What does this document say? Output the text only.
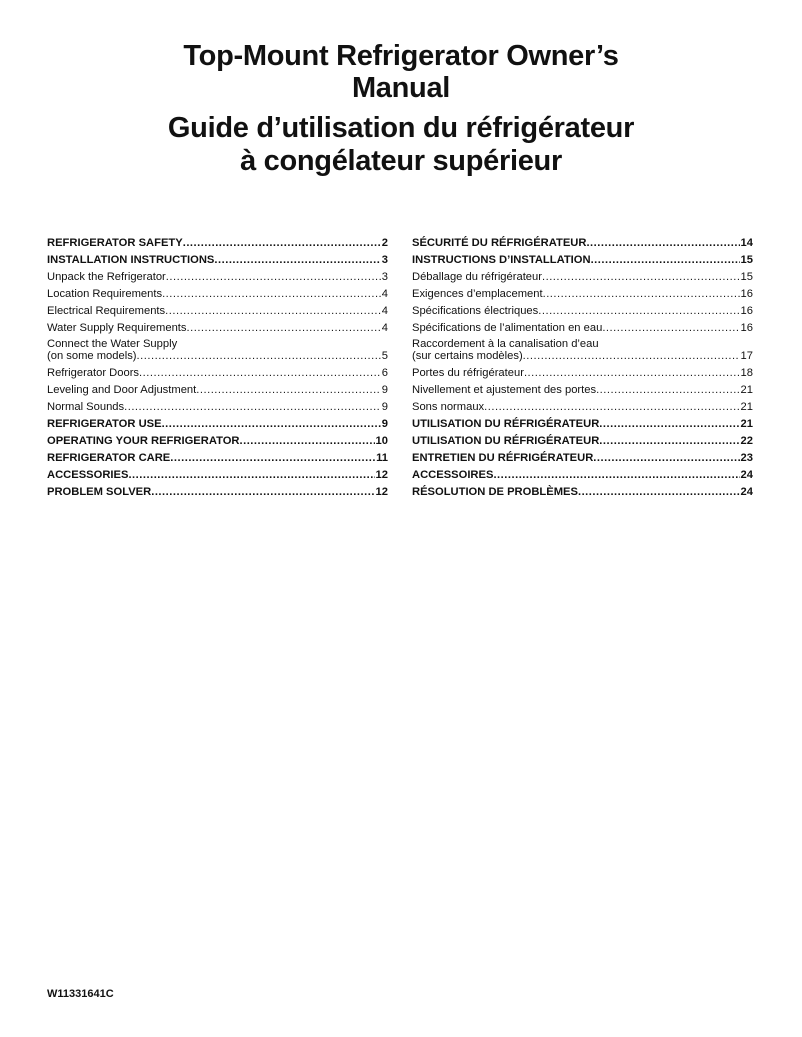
Top-Mount Refrigerator Owner’s
Manual
Guide d’utilisation du réfrigérateur
à congélateur supérieur
REFRIGERATOR SAFETY .....	2
INSTALLATION INSTRUCTIONS .....	3
Unpack the Refrigerator .....	3
Location Requirements .....	4
Electrical Requirements .....	4
Water Supply Requirements .....	4
Connect the Water Supply
(on some models) .....	5
Refrigerator Doors .....	6
Leveling and Door Adjustment .....	9
Normal Sounds .....	9
REFRIGERATOR USE .....	9
OPERATING YOUR REFRIGERATOR .....	10
REFRIGERATOR CARE .....	11
ACCESSORIES .....	12
PROBLEM SOLVER .....	12
SÉCURITÉ DU RÉFRIGÉRATEUR .....	14
INSTRUCTIONS D’INSTALLATION .....	15
Déballage du réfrigérateur .....	15
Exigences d’emplacement .....	16
Spécifications électriques .....	16
Spécifications de l’alimentation en eau .....	16
Raccordement à la canalisation d’eau
(sur certains modèles) .....	17
Portes du réfrigérateur .....	18
Nivellement et ajustement des portes .....	21
Sons normaux .....	21
UTILISATION DU RÉFRIGÉRATEUR .....	21
UTILISATION DU RÉFRIGÉRATEUR .....	22
ENTRETIEN DU RÉFRIGÉRATEUR .....	23
ACCESSOIRES .....	24
RÉSOLUTION DE PROBLÈMES .....	24
W11331641C
